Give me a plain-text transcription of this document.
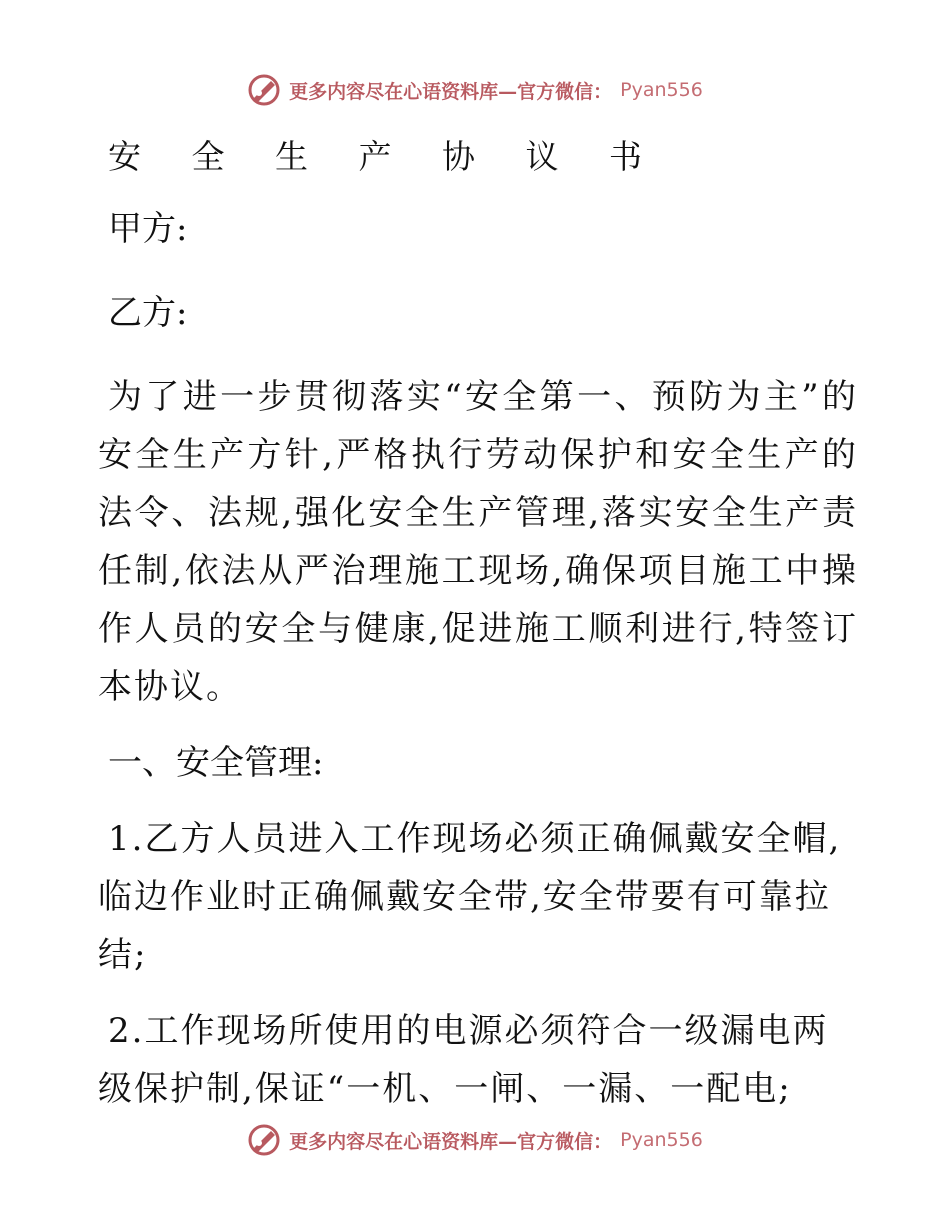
更多内容尽在心语资料库—官方微信： Pyan556
安 全 生 产 协 议 书
甲方:
乙方:
为了进一步贯彻落实“安全第一、预防为主”的安全生产方针,严格执行劳动保护和安全生产的法令、法规,强化安全生产管理,落实安全生产责任制,依法从严治理施工现场,确保项目施工中操作人员的安全与健康,促进施工顺利进行,特签订本协议。
一、安全管理:
1.乙方人员进入工作现场必须正确佩戴安全帽,临边作业时正确佩戴安全带,安全带要有可靠拉结;
2.工作现场所使用的电源必须符合一级漏电两级保护制,保证“一机、一闸、一漏、一配电;
更多内容尽在心语资料库—官方微信： Pyan556
